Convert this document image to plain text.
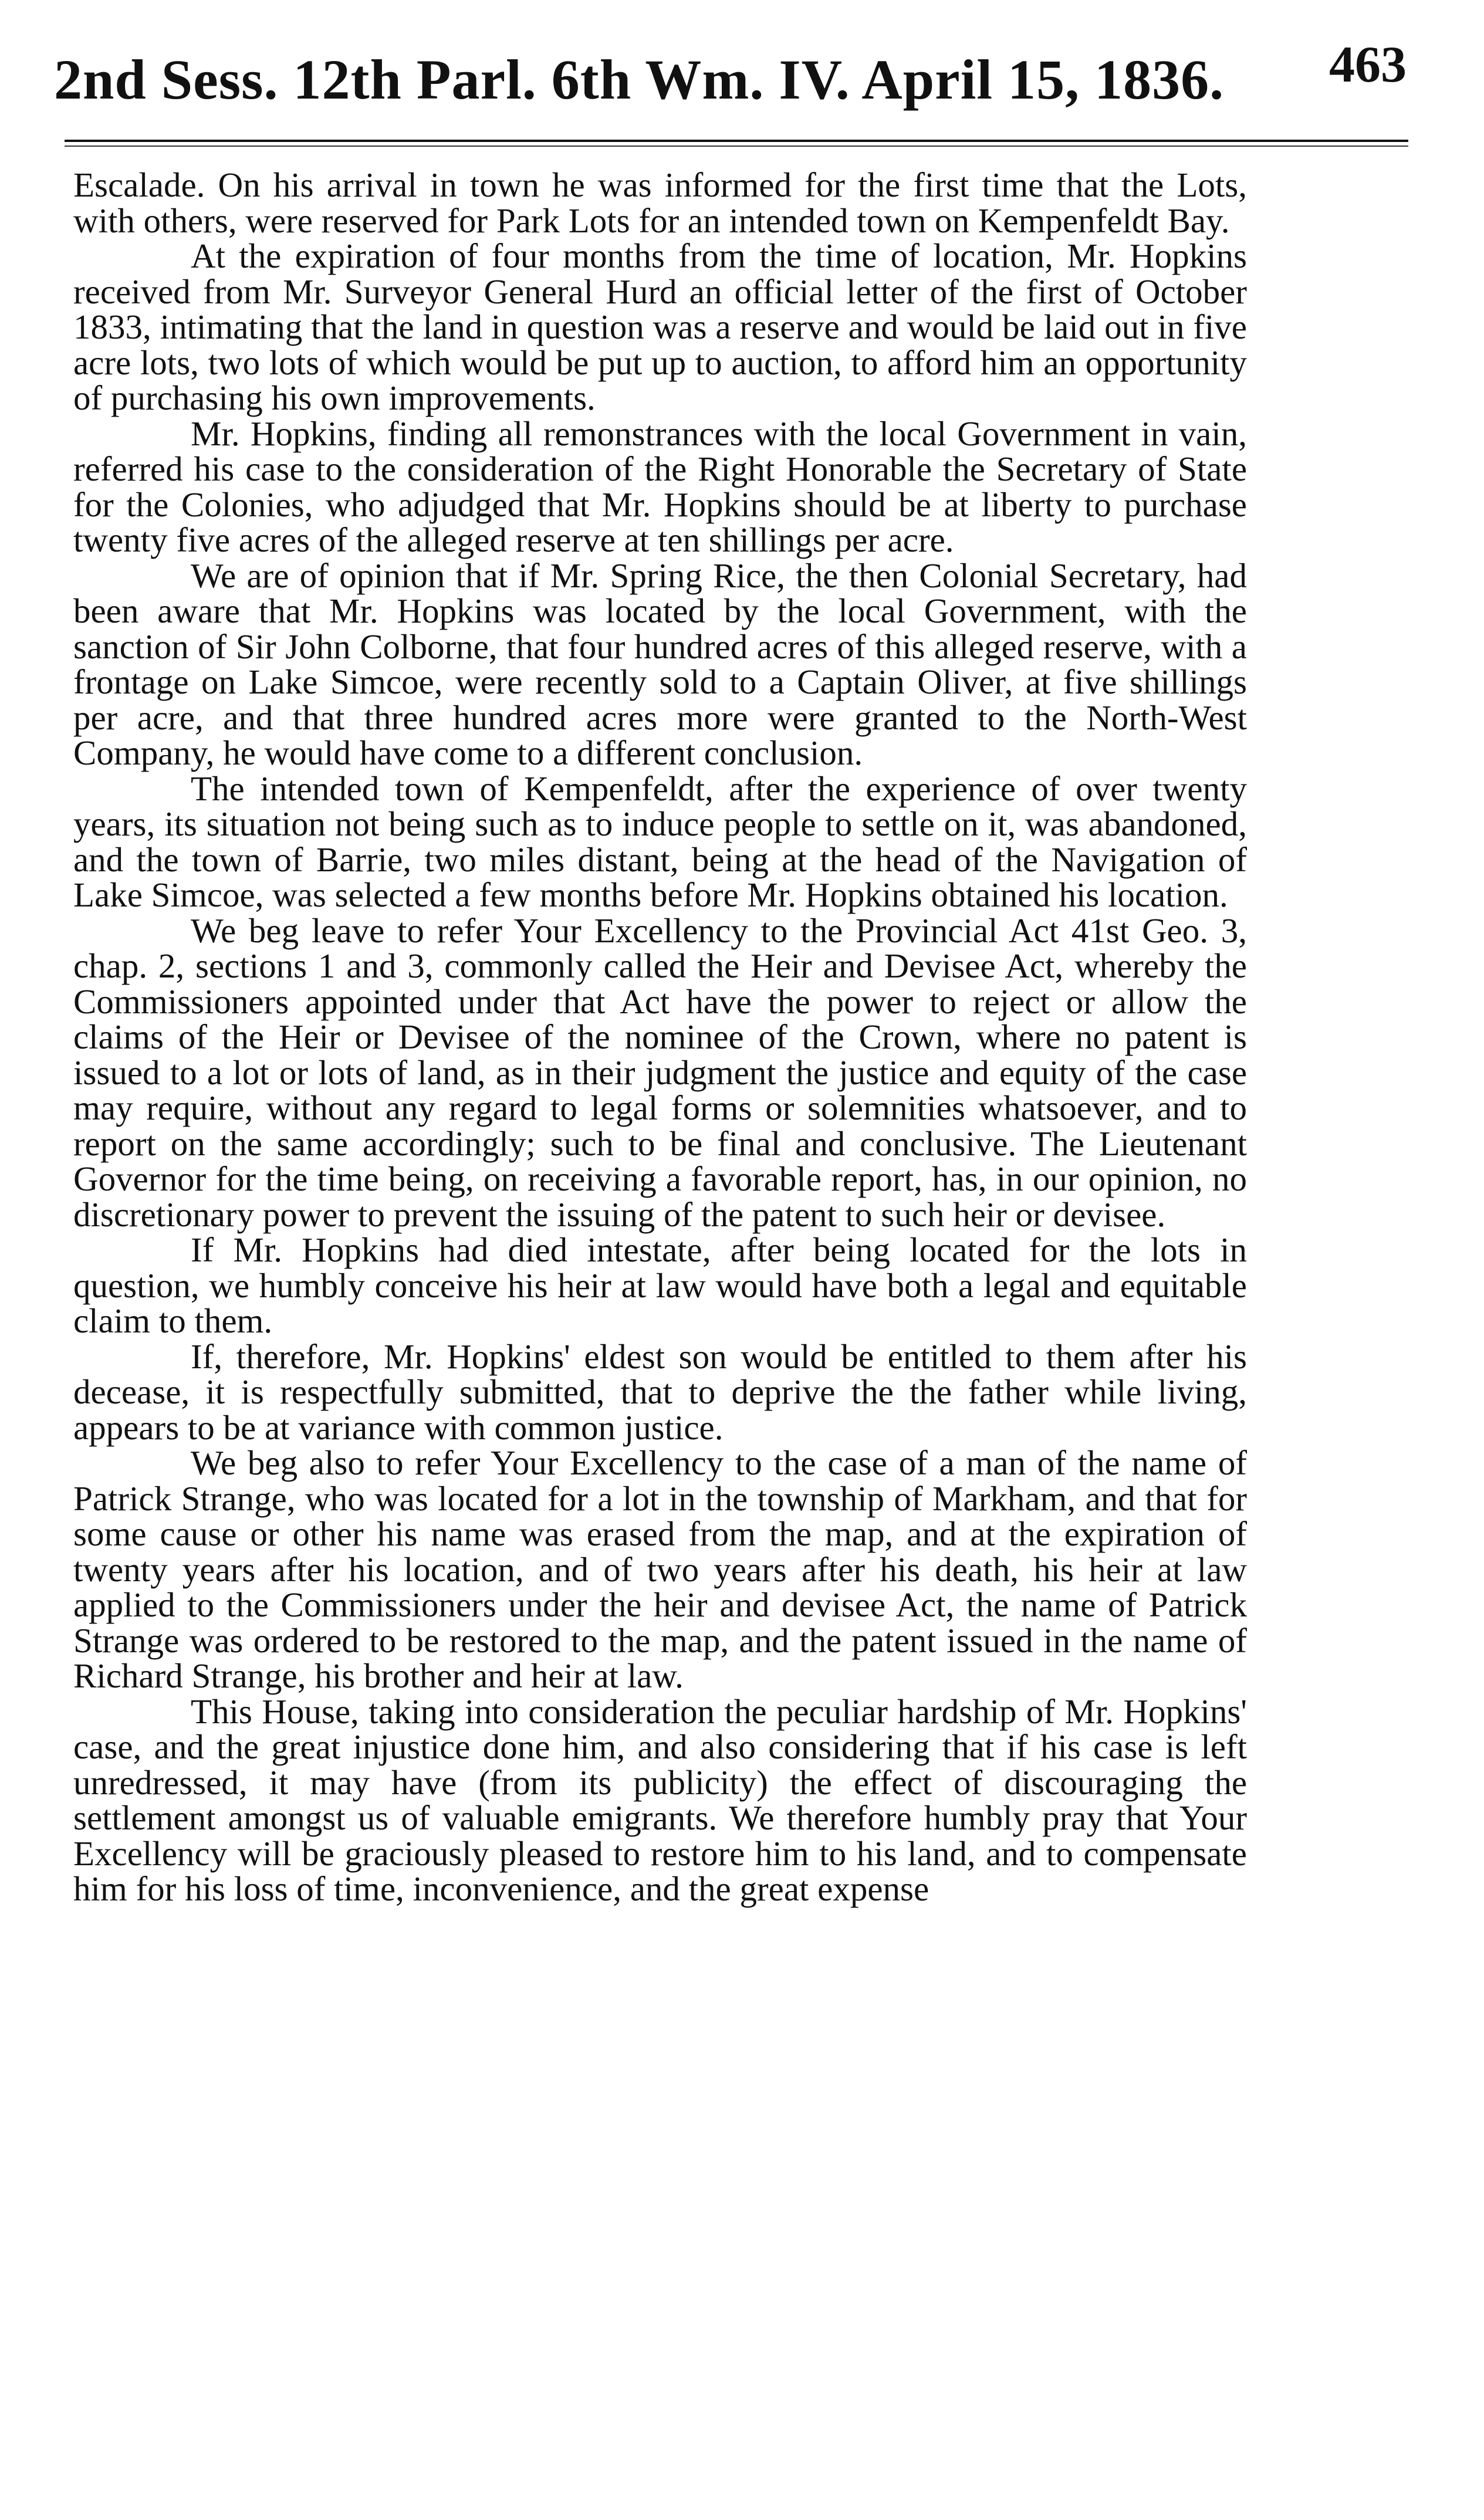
2nd Sess. 12th Parl. 6th Wm. IV. April 15, 1836. 463

Escalade. On his arrival in town he was informed for the first time that the Lots, with others, were reserved for Park Lots for an intended town on Kempenfeldt Bay.

At the expiration of four months from the time of location, Mr. Hopkins received from Mr. Surveyor General Hurd an official letter of the first of October 1833, intimating that the land in question was a reserve and would be laid out in five acre lots, two lots of which would be put up to auction, to afford him an opportunity of purchasing his own improvements.

Mr. Hopkins, finding all remonstrances with the local Government in vain, referred his case to the consideration of the Right Honorable the Secretary of State for the Colonies, who adjudged that Mr. Hopkins should be at liberty to purchase twenty five acres of the alleged reserve at ten shillings per acre.

We are of opinion that if Mr. Spring Rice, the then Colonial Secretary, had been aware that Mr. Hopkins was located by the local Government, with the sanction of Sir John Colborne, that four hundred acres of this alleged reserve, with a frontage on Lake Simcoe, were recently sold to a Captain Oliver, at five shillings per acre, and that three hundred acres more were granted to the North-West Company, he would have come to a different conclusion.

The intended town of Kempenfeldt, after the experience of over twenty years, its situation not being such as to induce people to settle on it, was abandoned, and the town of Barrie, two miles distant, being at the head of the Navigation of Lake Simcoe, was selected a few months before Mr. Hopkins obtained his location.

We beg leave to refer Your Excellency to the Provincial Act 41st Geo. 3, chap. 2, sections 1 and 3, commonly called the Heir and Devisee Act, whereby the Commissioners appointed under that Act have the power to reject or allow the claims of the Heir or Devisee of the nominee of the Crown, where no patent is issued to a lot or lots of land, as in their judgment the justice and equity of the case may require, without any regard to legal forms or solemnities whatsoever, and to report on the same accordingly; such to be final and conclusive. The Lieutenant Governor for the time being, on receiving a favorable report, has, in our opinion, no discretionary power to prevent the issuing of the patent to such heir or devisee.

If Mr. Hopkins had died intestate, after being located for the lots in question, we humbly conceive his heir at law would have both a legal and equitable claim to them.

If, therefore, Mr. Hopkins' eldest son would be entitled to them after his decease, it is respectfully submitted, that to deprive the the father while living, appears to be at variance with common justice.

We beg also to refer Your Excellency to the case of a man of the name of Patrick Strange, who was located for a lot in the township of Markham, and that for some cause or other his name was erased from the map, and at the expiration of twenty years after his location, and of two years after his death, his heir at law applied to the Commissioners under the heir and devisee Act, the name of Patrick Strange was ordered to be restored to the map, and the patent issued in the name of Richard Strange, his brother and heir at law.

This House, taking into consideration the peculiar hardship of Mr. Hopkins' case, and the great injustice done him, and also considering that if his case is left unredressed, it may have (from its publicity) the effect of discouraging the settlement amongst us of valuable emigrants. We therefore humbly pray that Your Excellency will be graciously pleased to restore him to his land, and to compensate him for his loss of time, inconvenience, and the great expense
